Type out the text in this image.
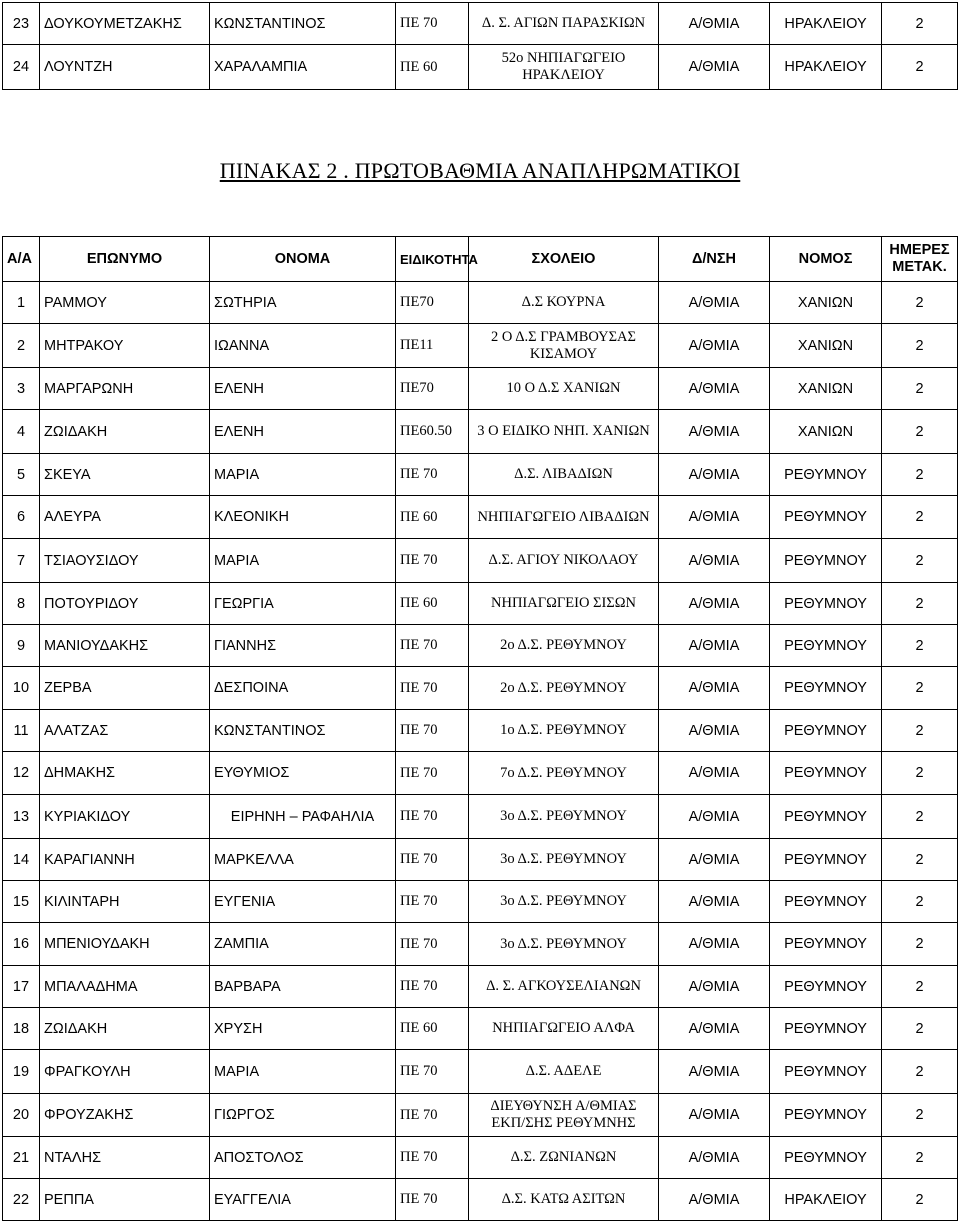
23	ΔΟΥΚΟΥΜΕΤΖΑΚΗΣ	ΚΩΝΣΤΑΝΤΙΝΟΣ	ΠΕ 70	Δ. Σ. ΑΓΙΩΝ ΠΑΡΑΣΚΙΩΝ	Α/ΘΜΙΑ	ΗΡΑΚΛΕΙΟΥ	2
24	ΛΟΥΝΤΖΗ	ΧΑΡΑΛΑΜΠΙΑ	ΠΕ 60	52ο ΝΗΠΙΑΓΩΓΕΙΟ ΗΡΑΚΛΕΙΟΥ	Α/ΘΜΙΑ	ΗΡΑΚΛΕΙΟΥ	2
ΠΙΝΑΚΑΣ 2 . ΠΡΩΤΟΒΑΘΜΙΑ ΑΝΑΠΛΗΡΩΜΑΤΙΚΟΙ
Α/Α	ΕΠΩΝΥΜΟ	ΟΝΟΜΑ	ΕΙΔΙΚΟΤΗΤΑ	ΣΧΟΛΕΙΟ	Δ/ΝΣΗ	ΝΟΜΟΣ	ΗΜΕΡΕΣ ΜΕΤΑΚ.
1	ΡΑΜΜΟΥ	ΣΩΤΗΡΙΑ	ΠΕ70	Δ.Σ ΚΟΥΡΝΑ	Α/ΘΜΙΑ	ΧΑΝΙΩΝ	2
2	ΜΗΤΡΑΚΟΥ	ΙΩΑΝΝΑ	ΠΕ11	2 Ο Δ.Σ ΓΡΑΜΒΟΥΣΑΣ ΚΙΣΑΜΟΥ	Α/ΘΜΙΑ	ΧΑΝΙΩΝ	2
3	ΜΑΡΓΑΡΩΝΗ	ΕΛΕΝΗ	ΠΕ70	10 Ο Δ.Σ ΧΑΝΙΩΝ	Α/ΘΜΙΑ	ΧΑΝΙΩΝ	2
4	ΖΩΙΔΑΚΗ	ΕΛΕΝΗ	ΠΕ60.50	3 Ο ΕΙΔΙΚΟ ΝΗΠ. ΧΑΝΙΩΝ	Α/ΘΜΙΑ	ΧΑΝΙΩΝ	2
5	ΣΚΕΥΑ	ΜΑΡΙΑ	ΠΕ 70	Δ.Σ. ΛΙΒΑΔΙΩΝ	Α/ΘΜΙΑ	ΡΕΘΥΜΝΟΥ	2
6	ΑΛΕΥΡΑ	ΚΛΕΟΝΙΚΗ	ΠΕ 60	ΝΗΠΙΑΓΩΓΕΙΟ ΛΙΒΑΔΙΩΝ	Α/ΘΜΙΑ	ΡΕΘΥΜΝΟΥ	2
7	ΤΣΙΑΟΥΣΙΔΟΥ	ΜΑΡΙΑ	ΠΕ 70	Δ.Σ. ΑΓΙΟΥ ΝΙΚΟΛΑΟΥ	Α/ΘΜΙΑ	ΡΕΘΥΜΝΟΥ	2
8	ΠΟΤΟΥΡΙΔΟΥ	ΓΕΩΡΓΙΑ	ΠΕ 60	ΝΗΠΙΑΓΩΓΕΙΟ ΣΙΣΩΝ	Α/ΘΜΙΑ	ΡΕΘΥΜΝΟΥ	2
9	ΜΑΝΙΟΥΔΑΚΗΣ	ΓΙΑΝΝΗΣ	ΠΕ 70	2ο Δ.Σ. ΡΕΘΥΜΝΟΥ	Α/ΘΜΙΑ	ΡΕΘΥΜΝΟΥ	2
10	ΖΕΡΒΑ	ΔΕΣΠΟΙΝΑ	ΠΕ 70	2ο Δ.Σ. ΡΕΘΥΜΝΟΥ	Α/ΘΜΙΑ	ΡΕΘΥΜΝΟΥ	2
11	ΑΛΑΤΖΑΣ	ΚΩΝΣΤΑΝΤΙΝΟΣ	ΠΕ 70	1ο Δ.Σ. ΡΕΘΥΜΝΟΥ	Α/ΘΜΙΑ	ΡΕΘΥΜΝΟΥ	2
12	ΔΗΜΑΚΗΣ	ΕΥΘΥΜΙΟΣ	ΠΕ 70	7ο Δ.Σ. ΡΕΘΥΜΝΟΥ	Α/ΘΜΙΑ	ΡΕΘΥΜΝΟΥ	2
13	ΚΥΡΙΑΚΙΔΟΥ	ΕΙΡΗΝΗ – ΡΑΦΑΗΛΙΑ	ΠΕ 70	3ο Δ.Σ. ΡΕΘΥΜΝΟΥ	Α/ΘΜΙΑ	ΡΕΘΥΜΝΟΥ	2
14	ΚΑΡΑΓΙΑΝΝΗ	ΜΑΡΚΕΛΛΑ	ΠΕ 70	3ο Δ.Σ. ΡΕΘΥΜΝΟΥ	Α/ΘΜΙΑ	ΡΕΘΥΜΝΟΥ	2
15	ΚΙΛΙΝΤΑΡΗ	ΕΥΓΕΝΙΑ	ΠΕ 70	3ο Δ.Σ. ΡΕΘΥΜΝΟΥ	Α/ΘΜΙΑ	ΡΕΘΥΜΝΟΥ	2
16	ΜΠΕΝΙΟΥΔΑΚΗ	ΖΑΜΠΙΑ	ΠΕ 70	3ο Δ.Σ. ΡΕΘΥΜΝΟΥ	Α/ΘΜΙΑ	ΡΕΘΥΜΝΟΥ	2
17	ΜΠΑΛΑΔΗΜΑ	ΒΑΡΒΑΡΑ	ΠΕ 70	Δ. Σ. ΑΓΚΟΥΣΕΛΙΑΝΩΝ	Α/ΘΜΙΑ	ΡΕΘΥΜΝΟΥ	2
18	ΖΩΙΔΑΚΗ	ΧΡΥΣΗ	ΠΕ 60	ΝΗΠΙΑΓΩΓΕΙΟ ΑΛΦΑ	Α/ΘΜΙΑ	ΡΕΘΥΜΝΟΥ	2
19	ΦΡΑΓΚΟΥΛΗ	ΜΑΡΙΑ	ΠΕ 70	Δ.Σ. ΑΔΕΛΕ	Α/ΘΜΙΑ	ΡΕΘΥΜΝΟΥ	2
20	ΦΡΟΥΖΑΚΗΣ	ΓΙΩΡΓΟΣ	ΠΕ 70	ΔΙΕΥΘΥΝΣΗ Α/ΘΜΙΑΣ ΕΚΠ/ΣΗΣ ΡΕΘΥΜΝΗΣ	Α/ΘΜΙΑ	ΡΕΘΥΜΝΟΥ	2
21	ΝΤΑΛΗΣ	ΑΠΟΣΤΟΛΟΣ	ΠΕ 70	Δ.Σ. ΖΩΝΙΑΝΩΝ	Α/ΘΜΙΑ	ΡΕΘΥΜΝΟΥ	2
22	ΡΕΠΠΑ	ΕΥΑΓΓΕΛΙΑ	ΠΕ 70	Δ.Σ. ΚΑΤΩ ΑΣΙΤΩΝ	Α/ΘΜΙΑ	ΗΡΑΚΛΕΙΟΥ	2
